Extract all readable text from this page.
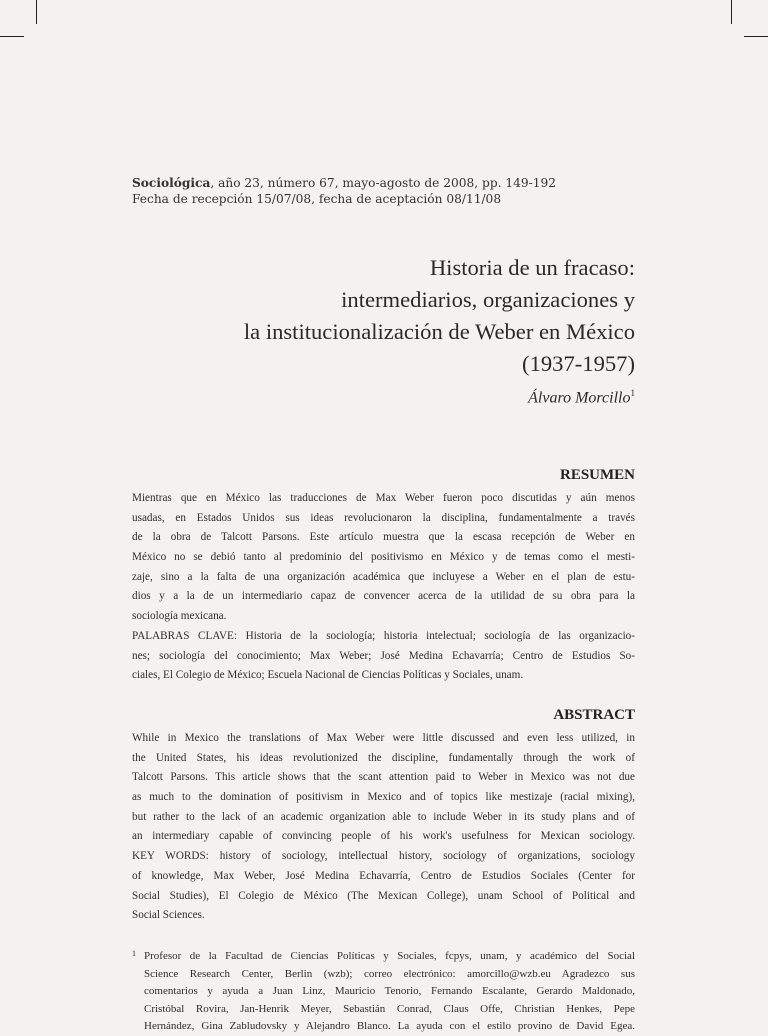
Sociológica, año 23, número 67, mayo-agosto de 2008, pp. 149-192
Fecha de recepción 15/07/08, fecha de aceptación 08/11/08
Historia de un fracaso:
intermediarios, organizaciones y
la institucionalización de Weber en México
(1937-1957)
Álvaro Morcillo$^1$
RESUMEN
Mientras que en México las traducciones de Max Weber fueron poco discutidas y aún menos
usadas, en Estados Unidos sus ideas revolucionaron la disciplina, fundamentalmente a través
de la obra de Talcott Parsons. Este artículo muestra que la escasa recepción de Weber en
México no se debió tanto al predominio del positivismo en México y de temas como el mesti-
zaje, sino a la falta de una organización académica que incluyese a Weber en el plan de estu-
dios y a la de un intermediario capaz de convencer acerca de la utilidad de su obra para la
sociología mexicana.
PALABRAS CLAVE: Historia de la sociología; historia intelectual; sociología de las organizacio-
nes; sociología del conocimiento; Max Weber; José Medina Echavarría; Centro de Estudios So-
ciales, El Colegio de México; Escuela Nacional de Ciencias Políticas y Sociales, unam.
ABSTRACT
While in Mexico the translations of Max Weber were little discussed and even less utilized, in
the United States, his ideas revolutionized the discipline, fundamentally through the work of
Talcott Parsons. This article shows that the scant attention paid to Weber in Mexico was not due
as much to the domination of positivism in Mexico and of topics like mestizaje (racial mixing),
but rather to the lack of an academic organization able to include Weber in its study plans and of
an intermediary capable of convincing people of his work's usefulness for Mexican sociology.
KEY WORDS: history of sociology, intellectual history, sociology of organizations, sociology
of knowledge, Max Weber, José Medina Echavarría, Centro de Estudios Sociales (Center for
Social Studies), El Colegio de México (The Mexican College), unam School of Political and
Social Sciences.
1 Profesor de la Facultad de Ciencias Políticas y Sociales, fcpys, unam, y académico del Social
Science Research Center, Berlin (wzb); correo electrónico: amorcillo@wzb.eu Agradezco sus
comentarios y ayuda a Juan Linz, Mauricio Tenorio, Fernando Escalante, Gerardo Maldonado,
Cristóbal Rovira, Jan-Henrik Meyer, Sebastián Conrad, Claus Offe, Christian Henkes, Pepe
Hernández, Gina Zabludovsky y Alejandro Blanco. La ayuda con el estilo provino de David Egea.
